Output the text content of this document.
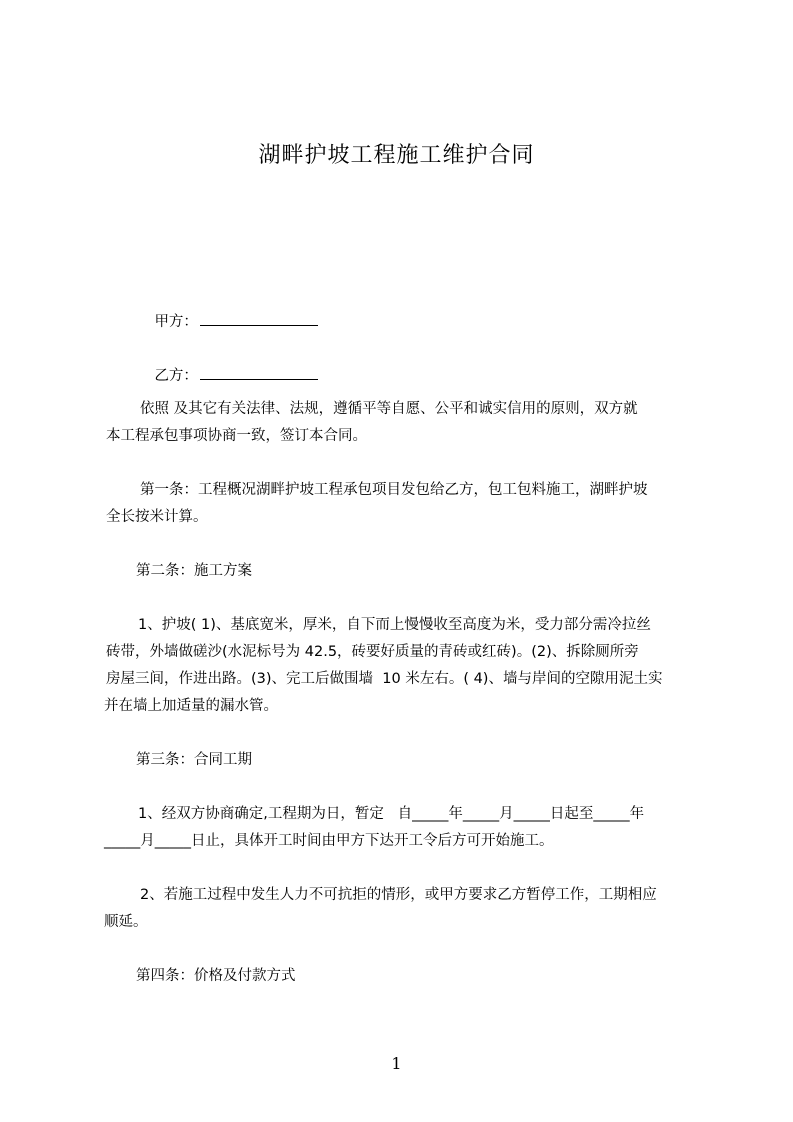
湖畔护坡工程施工维护合同

甲方：

乙方：

依照 及其它有关法律、法规，遵循平等自愿、公平和诚实信用的原则，双方就
本工程承包事项协商一致，签订本合同。
第一条：工程概况湖畔护坡工程承包项目发包给乙方，包工包料施工，湖畔护坡
全长按米计算。
第二条：施工方案
1、护坡( 1)、基底宽米，厚米，自下而上慢慢收至高度为米，受力部分需冷拉丝
砖带，外墙做磋沙(水泥标号为 42.5，砖要好质量的青砖或红砖)。(2)、拆除厕所旁
房屋三间，作进出路。(3)、完工后做围墙  10 米左右。( 4)、墙与岸间的空隙用泥土实
并在墙上加适量的漏水管。
第三条：合同工期
1、经双方协商确定,工程期为日，暂定   自_____年_____月_____日起至_____年
_____月_____日止，具体开工时间由甲方下达开工令后方可开始施工。
2、若施工过程中发生人力不可抗拒的情形，或甲方要求乙方暂停工作，工期相应
顺延。
第四条：价格及付款方式
1
